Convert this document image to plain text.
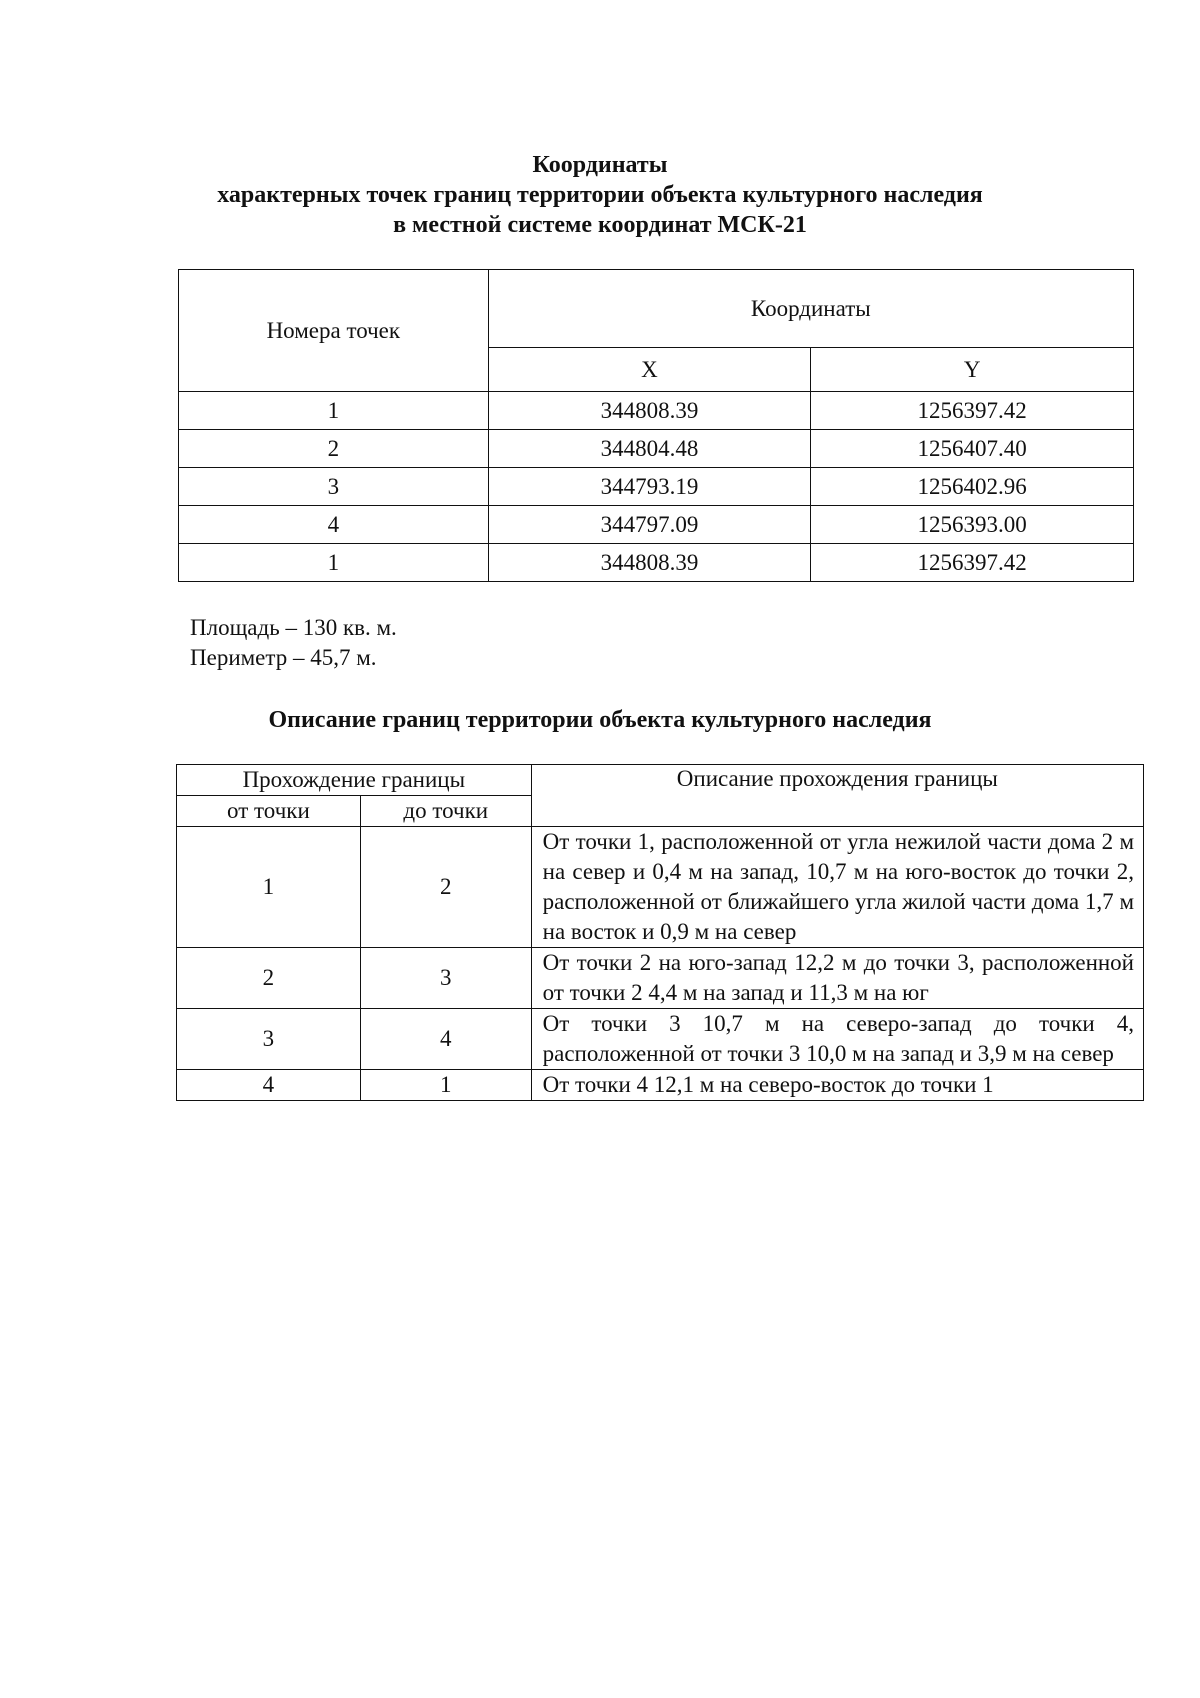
Координаты
характерных точек границ территории объекта культурного наследия
в местной системе координат МСК-21
Номера точек	Координаты	
	X	Y
1	344808.39	1256397.42
2	344804.48	1256407.40
3	344793.19	1256402.96
4	344797.09	1256393.00
1	344808.39	1256397.42
Площадь – 130 кв. м.
Периметр – 45,7 м.
Описание границ территории объекта культурного наследия
Прохождение границы		Описание прохождения границы
от точки	до точки	
1	2	От точки 1, расположенной от угла нежилой части дома 2 м на север и 0,4 м на запад, 10,7 м на юго-восток до точки 2, расположенной от ближайшего угла жилой части дома 1,7 м на восток и 0,9 м на север
2	3	От точки 2 на юго-запад 12,2 м до точки 3, расположенной от точки 2 4,4 м на запад и 11,3 м на юг
3	4	От точки 3 10,7 м на северо-запад до точки 4, расположенной от точки 3 10,0 м на запад и 3,9 м на север
4	1	От точки 4 12,1 м на северо-восток до точки 1
